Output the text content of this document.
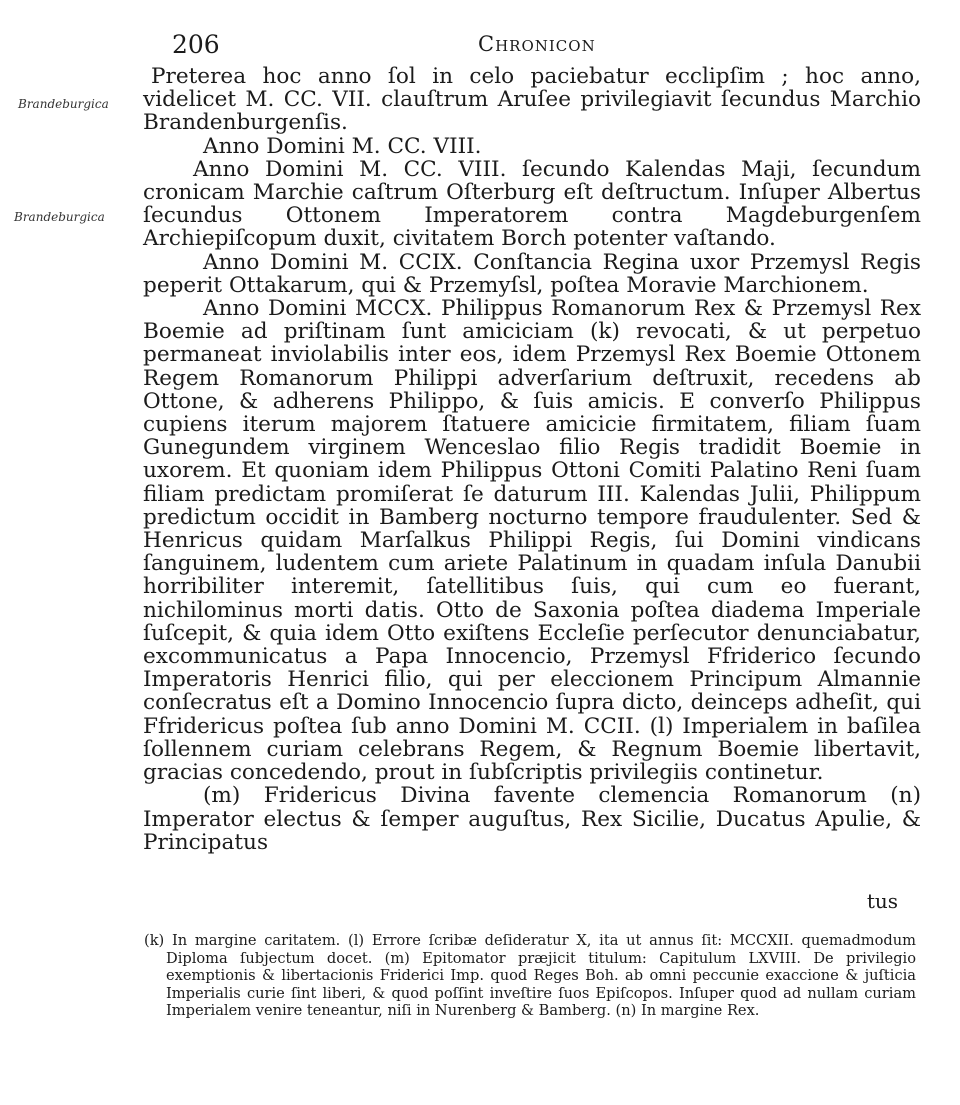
206	Chronicon
Brandeburgica
Brandeburgica

Preterea hoc anno ſol in celo paciebatur ecclipſim ; hoc anno, videlicet M. CC. VII. clauſtrum Aruſee privilegiavit ſecundus Marchio Brandenburgenſis.

Anno Domini M. CC. VIII.

Anno Domini M. CC. VIII. ſecundo Kalendas Maji, ſecundum cronicam Marchie caſtrum Oſterburg eſt deſtructum. Inſuper Albertus ſecundus Ottonem Imperatorem contra Magdeburgenſem Archiepiſcopum duxit, civitatem Borch potenter vaſtando.

Anno Domini M. CCIX. Conſtancia Regina uxor Przemysl Regis peperit Ottakarum, qui & Przemyſsl, poſtea Moravie Marchionem.

Anno Domini MCCX. Philippus Romanorum Rex & Przemysl Rex Boemie ad priſtinam ſunt amiciciam (k) revocati, & ut perpetuo permaneat inviolabilis inter eos, idem Przemysl Rex Boemie Ottonem Regem Romanorum Philippi adverſarium deſtruxit, recedens ab Ottone, & adherens Philippo, & ſuis amicis. E converſo Philippus cupiens iterum majorem ſtatuere amicicie firmitatem, filiam ſuam Gunegundem virginem Wenceslao filio Regis tradidit Boemie in uxorem. Et quoniam idem Philippus Ottoni Comiti Palatino Reni ſuam filiam predictam promiſerat ſe daturum III. Kalendas Julii, Philippum predictum occidit in Bamberg nocturno tempore fraudulenter. Sed & Henricus quidam Marſalkus Philippi Regis, ſui Domini vindicans ſanguinem, ludentem cum ariete Palatinum in quadam inſula Danubii horribiliter interemit, ſatellitibus ſuis, qui cum eo fuerant, nichilominus morti datis. Otto de Saxonia poſtea diadema Imperiale ſuſcepit, & quia idem Otto exiſtens Eccleſie perſecutor denunciabatur, excommunicatus a Papa Innocencio, Przemysl Ffriderico ſecundo Imperatoris Henrici filio, qui per eleccionem Principum Almannie conſecratus eſt a Domino Innocencio ſupra dicto, deinceps adheſit, qui Ffridericus poſtea ſub anno Domini M. CCII. (l) Imperialem in baſilea ſollennem curiam celebrans Regem, & Regnum Boemie libertavit, gracias concedendo, prout in ſubſcriptis privilegiis continetur.

(m) Fridericus Divina favente clemencia Romanorum (n) Imperator electus & ſemper auguſtus, Rex Sicilie, Ducatus Apulie, & Principatus

tus

(k) In margine caritatem. (l) Errore ſcribæ deſideratur X, ita ut annus ſit: MCCXII. quemadmodum Diploma ſubjectum docet. (m) Epitomator præjicit titulum: Capitulum LXVIII. De privilegio exemptionis & libertacionis Friderici Imp. quod Reges Boh. ab omni peccunie exaccione & juſticia Imperialis curie ſint liberi, & quod poſſint inveſtire ſuos Epiſcopos. Inſuper quod ad nullam curiam Imperialem venire teneantur, niſi in Nurenberg & Bamberg. (n) In margine Rex.
